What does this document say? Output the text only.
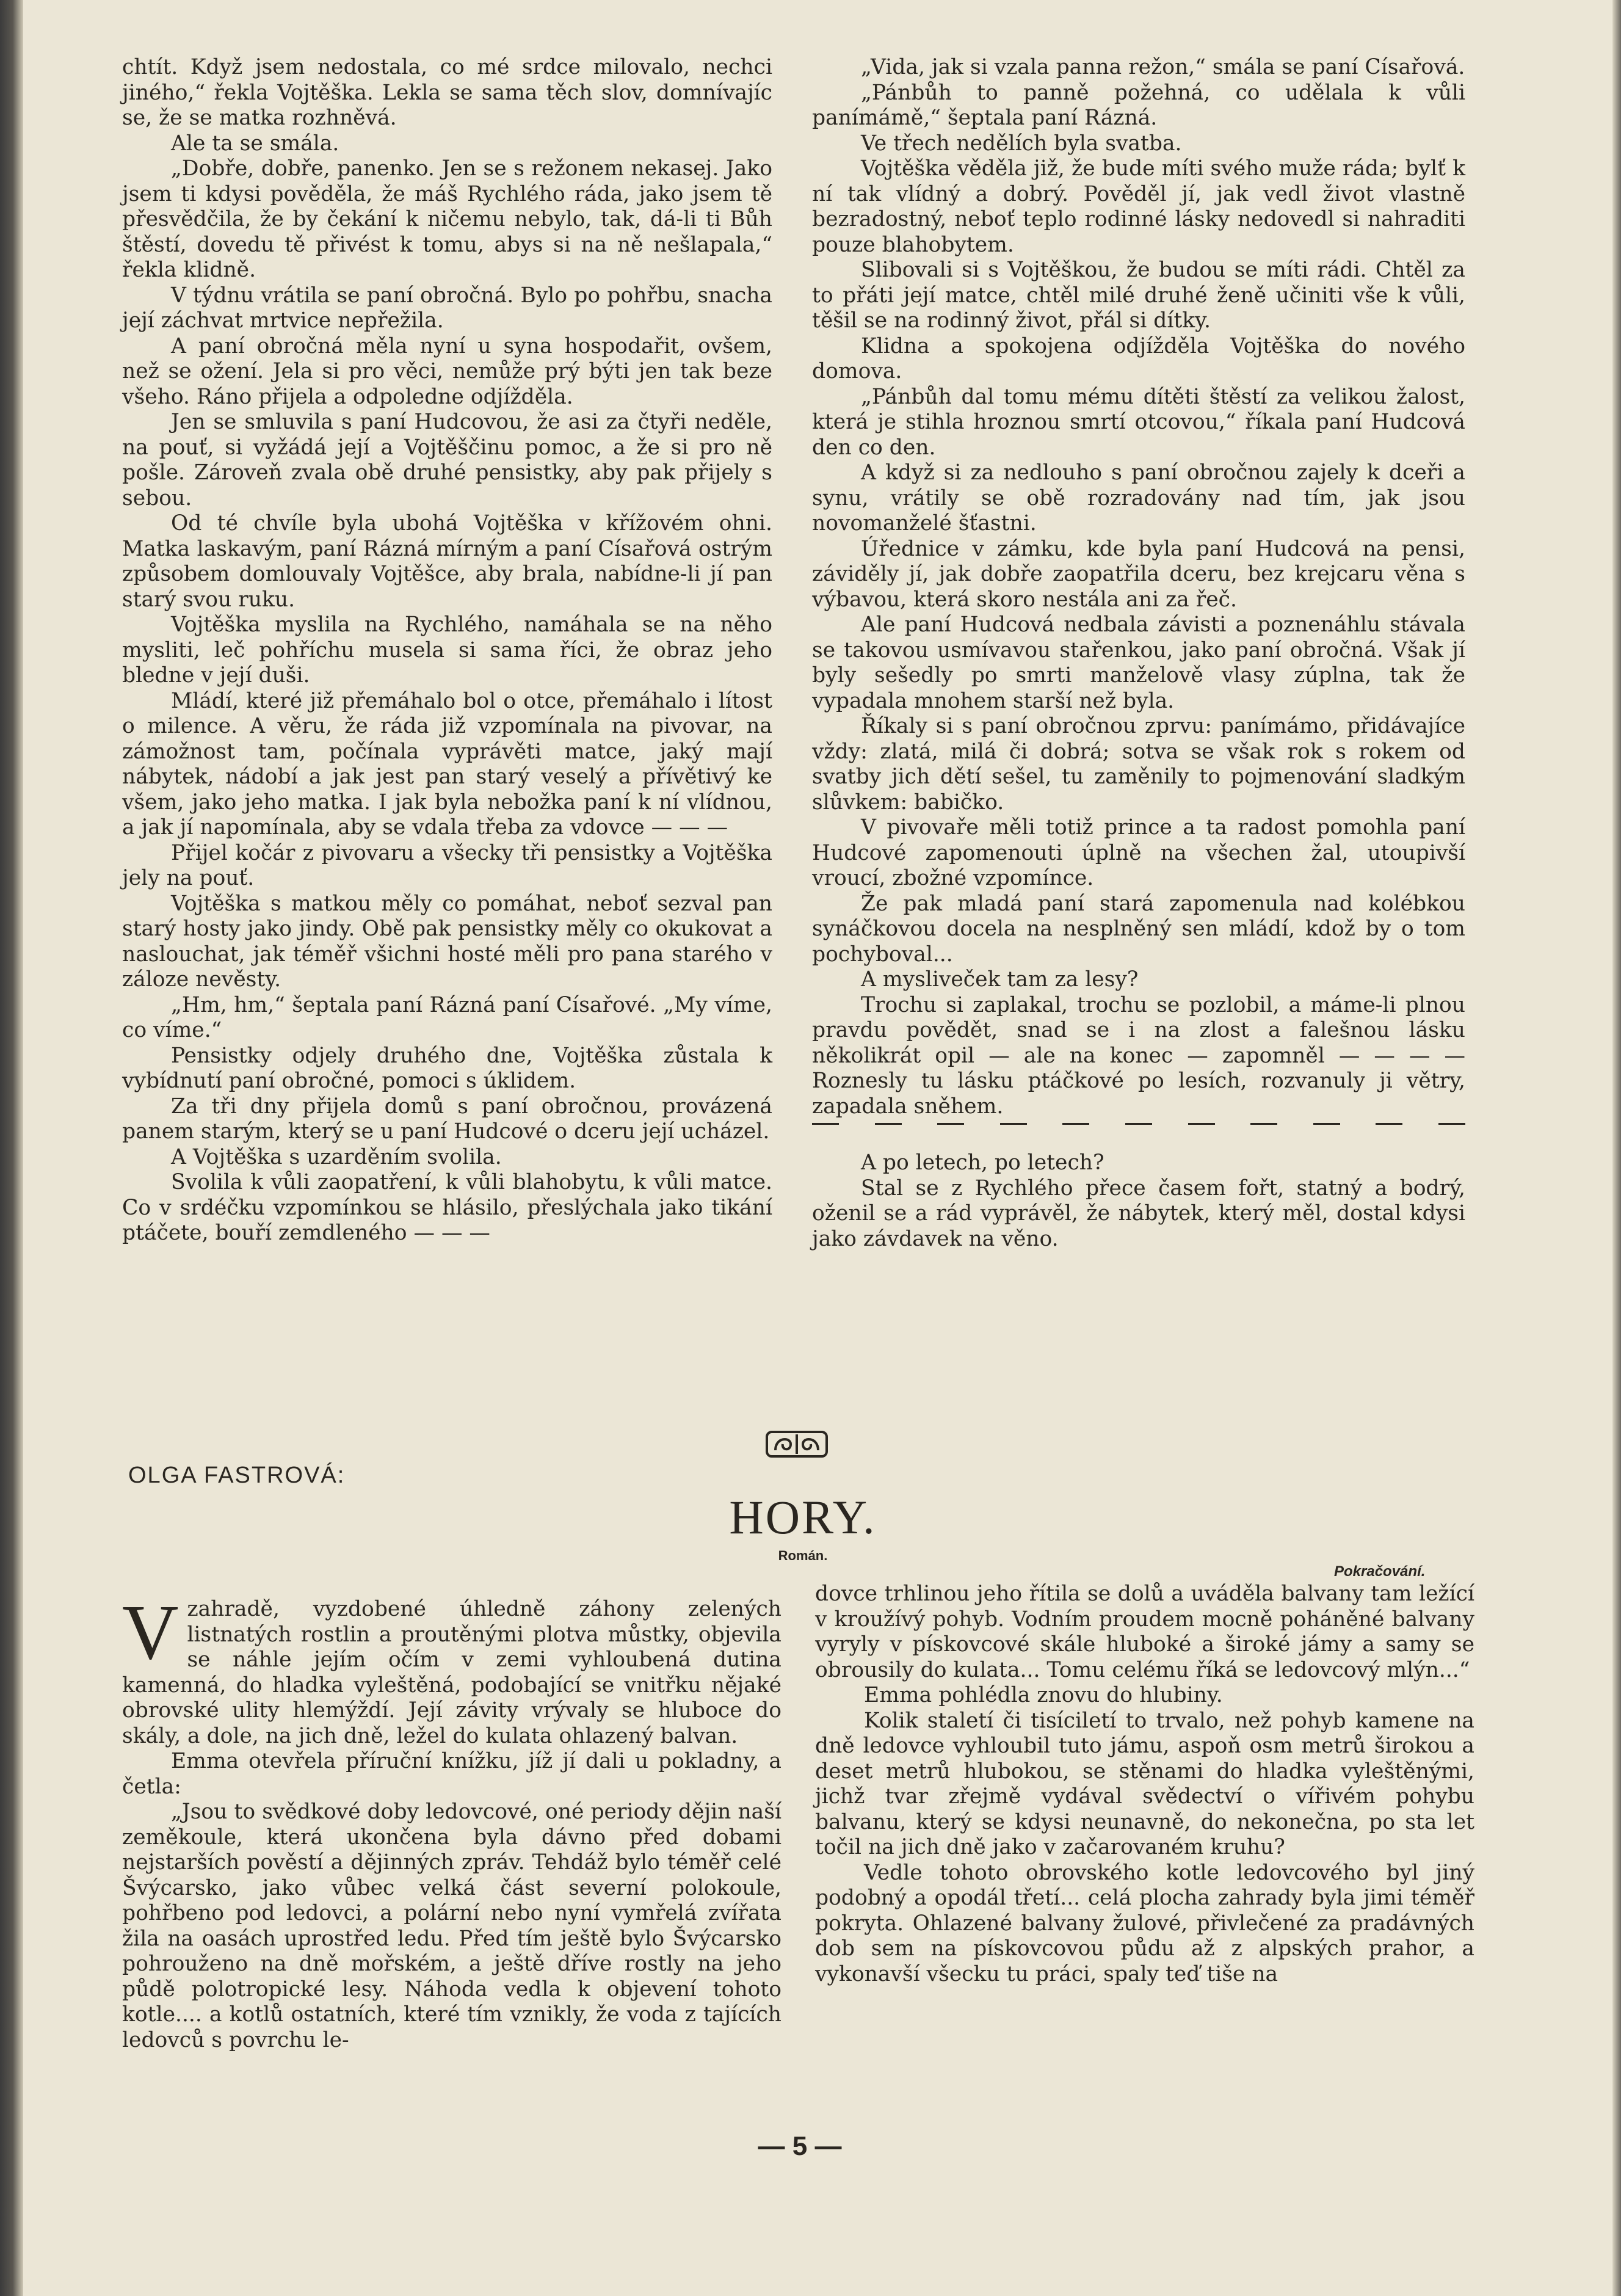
chtít. Když jsem nedostala, co mé srdce milovalo, nechci jiného,“ řekla Vojtěška. Lekla se sama těch slov, domnívajíc se, že se matka rozhněvá.

Ale ta se smála.

„Dobře, dobře, panenko. Jen se s režonem nekasej. Jako jsem ti kdysi pověděla, že máš Rychlého ráda, jako jsem tě přesvědčila, že by čekání k ničemu nebylo, tak, dá-li ti Bůh štěstí, dovedu tě přivést k tomu, abys si na ně nešlapala,“ řekla klidně.

V týdnu vrátila se paní obročná. Bylo po pohřbu, snacha její záchvat mrtvice nepřežila.

A paní obročná měla nyní u syna hospodařit, ovšem, než se ožení. Jela si pro věci, nemůže prý býti jen tak beze všeho. Ráno přijela a odpoledne odjížděla.

Jen se smluvila s paní Hudcovou, že asi za čtyři neděle, na pouť, si vyžádá její a Vojtěščinu pomoc, a že si pro ně pošle. Zároveň zvala obě druhé pensistky, aby pak přijely s sebou.

Od té chvíle byla ubohá Vojtěška v křížovém ohni. Matka laskavým, paní Rázná mírným a paní Císařová ostrým způsobem domlouvaly Vojtěšce, aby brala, nabídne-li jí pan starý svou ruku.

Vojtěška myslila na Rychlého, namáhala se na něho mysliti, leč pohříchu musela si sama říci, že obraz jeho bledne v její duši.

Mládí, které již přemáhalo bol o otce, přemáhalo i lítost o milence. A věru, že ráda již vzpomínala na pivovar, na zámožnost tam, počínala vyprávěti matce, jaký mají nábytek, nádobí a jak jest pan starý veselý a přívětivý ke všem, jako jeho matka. I jak byla nebožka paní k ní vlídnou, a jak jí napomínala, aby se vdala třeba za vdovce — — —

Přijel kočár z pivovaru a všecky tři pensistky a Vojtěška jely na pouť.

Vojtěška s matkou měly co pomáhat, neboť sezval pan starý hosty jako jindy. Obě pak pensistky měly co okukovat a naslouchat, jak téměř všichni hosté měli pro pana starého v záloze nevěsty.

„Hm, hm,“ šeptala paní Rázná paní Císařové. „My víme, co víme.“

Pensistky odjely druhého dne, Vojtěška zůstala k vybídnutí paní obročné, pomoci s úklidem.

Za tři dny přijela domů s paní obročnou, provázená panem starým, který se u paní Hudcové o dceru její ucházel.

A Vojtěška s uzarděním svolila.

Svolila k vůli zaopatření, k vůli blahobytu, k vůli matce. Co v srdéčku vzpomínkou se hlásilo, přeslýchala jako tikání ptáčete, bouří zemdleného — — —

„Vida, jak si vzala panna režon,“ smála se paní Císařová.

„Pánbůh to panně požehná, co udělala k vůli panímámě,“ šeptala paní Rázná.

Ve třech nedělích byla svatba.

Vojtěška věděla již, že bude míti svého muže ráda; bylť k ní tak vlídný a dobrý. Pověděl jí, jak vedl život vlastně bezradostný, neboť teplo rodinné lásky nedovedl si nahraditi pouze blahobytem.

Slibovali si s Vojtěškou, že budou se míti rádi. Chtěl za to přáti její matce, chtěl milé druhé ženě učiniti vše k vůli, těšil se na rodinný život, přál si dítky.

Klidna a spokojena odjížděla Vojtěška do nového domova.

„Pánbůh dal tomu mému dítěti štěstí za velikou žalost, která je stihla hroznou smrtí otcovou,“ říkala paní Hudcová den co den.

A když si za nedlouho s paní obročnou zajely k dceři a synu, vrátily se obě rozradovány nad tím, jak jsou novomanželé šťastni.

Úřednice v zámku, kde byla paní Hudcová na pensi, záviděly jí, jak dobře zaopatřila dceru, bez krejcaru věna s výbavou, která skoro nestála ani za řeč.

Ale paní Hudcová nedbala závisti a poznenáhlu stávala se takovou usmívavou stařenkou, jako paní obročná. Však jí byly sešedly po smrti manželově vlasy zúplna, tak že vypadala mnohem starší než byla.

Říkaly si s paní obročnou zprvu: panímámo, přidávajíce vždy: zlatá, milá či dobrá; sotva se však rok s rokem od svatby jich dětí sešel, tu zaměnily to pojmenování sladkým slůvkem: babičko.

V pivovaře měli totiž prince a ta radost pomohla paní Hudcové zapomenouti úplně na všechen žal, utoupivší vroucí, zbožné vzpomínce.

Že pak mladá paní stará zapomenula nad kolébkou synáčkovou docela na nesplněný sen mládí, kdož by o tom pochyboval...

A mysliveček tam za lesy?

Trochu si zaplakal, trochu se pozlobil, a máme-li plnou pravdu povědět, snad se i na zlost a falešnou lásku několikrát opil — ale na konec — zapomněl — — — — Roznesly tu lásku ptáčkové po lesích, rozvanuly ji větry, zapadala sněhem.

A po letech, po letech?

Stal se z Rychlého přece časem fořt, statný a bodrý, oženil se a rád vyprávěl, že nábytek, který měl, dostal kdysi jako závdavek na věno.

OLGA FASTROVÁ:
HORY.
Román.
Pokračování.

Vzahradě, vyzdobené úhledně záhony zelených listnatých rostlin a proutěnými plotva můstky, objevila se náhle jejím očím v zemi vyhloubená dutina kamenná, do hladka vyleštěná, podobající se vnitřku nějaké obrovské ulity hlemýždí. Její závity vrývaly se hluboce do skály, a dole, na jich dně, ležel do kulata ohlazený balvan.

Emma otevřela příruční knížku, jíž jí dali u pokladny, a četla:

„Jsou to svědkové doby ledovcové, oné periody dějin naší zeměkoule, která ukončena byla dávno před dobami nejstarších pověstí a dějinných zpráv. Tehdáž bylo téměř celé Švýcarsko, jako vůbec velká část severní polokoule, pohřbeno pod ledovci, a polární nebo nyní vymřelá zvířata žila na oasách uprostřed ledu. Před tím ještě bylo Švýcarsko pohrouženo na dně mořském, a ještě dříve rostly na jeho půdě polotropické lesy. Náhoda vedla k objevení tohoto kotle.... a kotlů ostatních, které tím vznikly, že voda z tajících ledovců s povrchu le-

dovce trhlinou jeho řítila se dolů a uváděla balvany tam ležící v kroužívý pohyb. Vodním proudem mocně poháněné balvany vyryly v pískovcové skále hluboké a široké jámy a samy se obrousily do kulata... Tomu celému říká se ledovcový mlýn...“

Emma pohlédla znovu do hlubiny.

Kolik staletí či tisíciletí to trvalo, než pohyb kamene na dně ledovce vyhloubil tuto jámu, aspoň osm metrů širokou a deset metrů hlubokou, se stěnami do hladka vyleštěnými, jichž tvar zřejmě vydával svědectví o vířivém pohybu balvanu, který se kdysi neunavně, do nekonečna, po sta let točil na jich dně jako v začarovaném kruhu?

Vedle tohoto obrovského kotle ledovcového byl jiný podobný a opodál třetí... celá plocha zahrady byla jimi téměř pokryta. Ohlazené balvany žulové, přivlečené za pradávných dob sem na pískovcovou půdu až z alpských prahor, a vykonavší všecku tu práci, spaly teď tiše na

— 5 —
